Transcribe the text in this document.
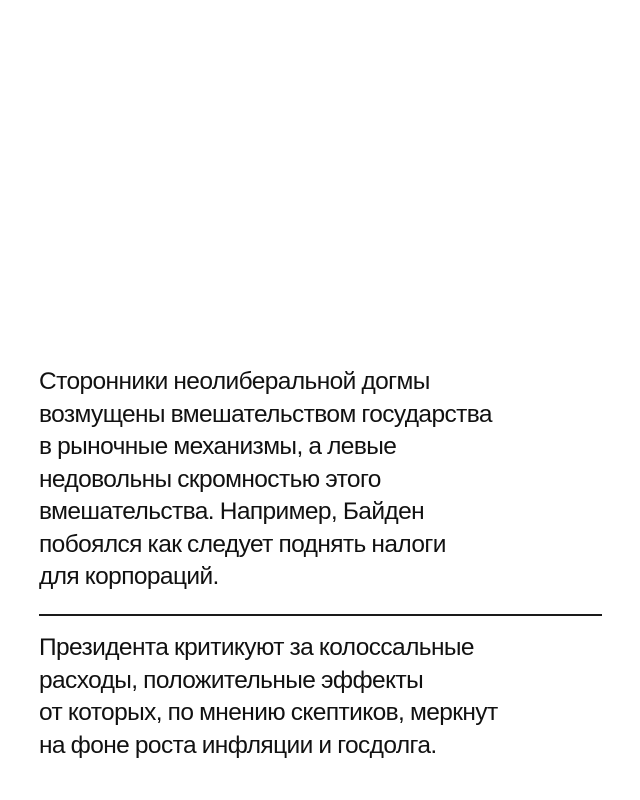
Сторонники неолиберальной догмы
возмущены вмешательством государства
в рыночные механизмы, а левые
недовольны скромностью этого
вмешательства. Например, Байден
побоялся как следует поднять налоги
для корпораций.
Президента критикуют за колоссальные
расходы, положительные эффекты
от которых, по мнению скептиков, меркнут
на фоне роста инфляции и госдолга.
